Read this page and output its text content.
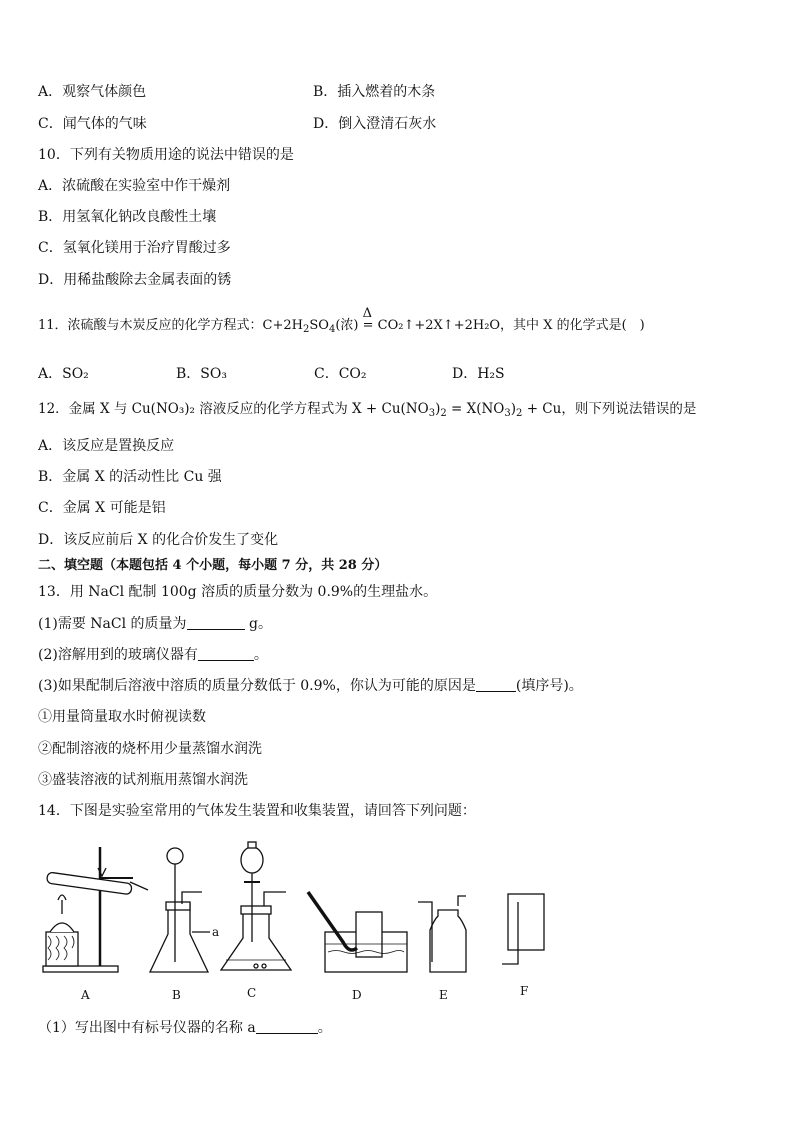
A．观察气体颜色	B．插入燃着的木条
C．闻气体的气味	D．倒入澄清石灰水
10．下列有关物质用途的说法中错误的是
A．浓硫酸在实验室中作干燥剂
B．用氢氧化钠改良酸性土壤
C．氢氧化镁用于治疗胃酸过多
D．用稀盐酸除去金属表面的锈
11．浓硫酸与木炭反应的化学方程式：$C+2H_2SO_4$(浓)
Δ
= CO₂↑+2X↑+2H₂O，其中 X 的化学式是(　)
A．SO₂	B．SO₃	C．CO₂	D．H₂S
12．金属 X 与 Cu(NO₃)₂ 溶液反应的化学方程式为 $X + Cu(NO_3)_2 = X(NO_3)_2 + Cu$，则下列说法错误的是
A．该反应是置换反应
B．金属 X 的活动性比 Cu 强
C．金属 X 可能是铝
D．该反应前后 X 的化合价发生了变化
二、填空题（本题包括 4 个小题，每小题 7 分，共 28 分）
13．用 NaCl 配制 100g 溶质的质量分数为 0.9%的生理盐水。
(1)需要 NaCl 的质量为	g。
(2)溶解用到的玻璃仪器有	。
(3)如果配制后溶液中溶质的质量分数低于 0.9%，你认为可能的原因是	(填序号)。
①用量筒量取水时俯视读数
②配制溶液的烧杯用少量蒸馏水润洗
③盛装溶液的试剂瓶用蒸馏水润洗
14．下图是实验室常用的气体发生装置和收集装置，请回答下列问题：
a
A	B	C	D	E	F
（1）写出图中有标号仪器的名称 a	。
